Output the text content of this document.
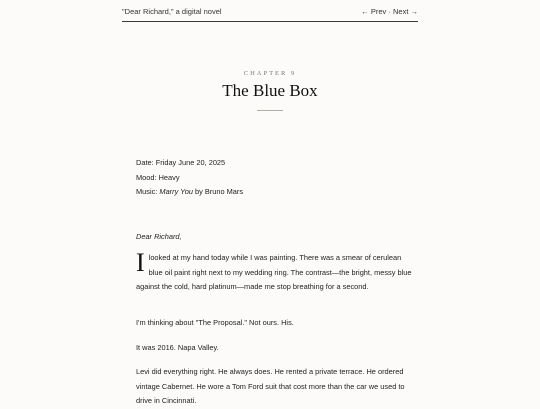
"Dear Richard," a digital novel	← Prev · Next →
CHAPTER 9
The Blue Box

Date: Friday June 20, 2025

Mood: Heavy

Music: Marry You by Bruno Mars

Dear Richard,

Ilooked at my hand today while I was painting. There was a smear of cerulean blue oil paint right next to my wedding ring. The contrast—the bright, messy blue against the cold, hard platinum—made me stop breathing for a second.

I'm thinking about "The Proposal." Not ours. His.

It was 2016. Napa Valley.

Levi did everything right. He always does. He rented a private terrace. He ordered vintage Cabernet. He wore a Tom Ford suit that cost more than the car we used to drive in Cincinnati.
